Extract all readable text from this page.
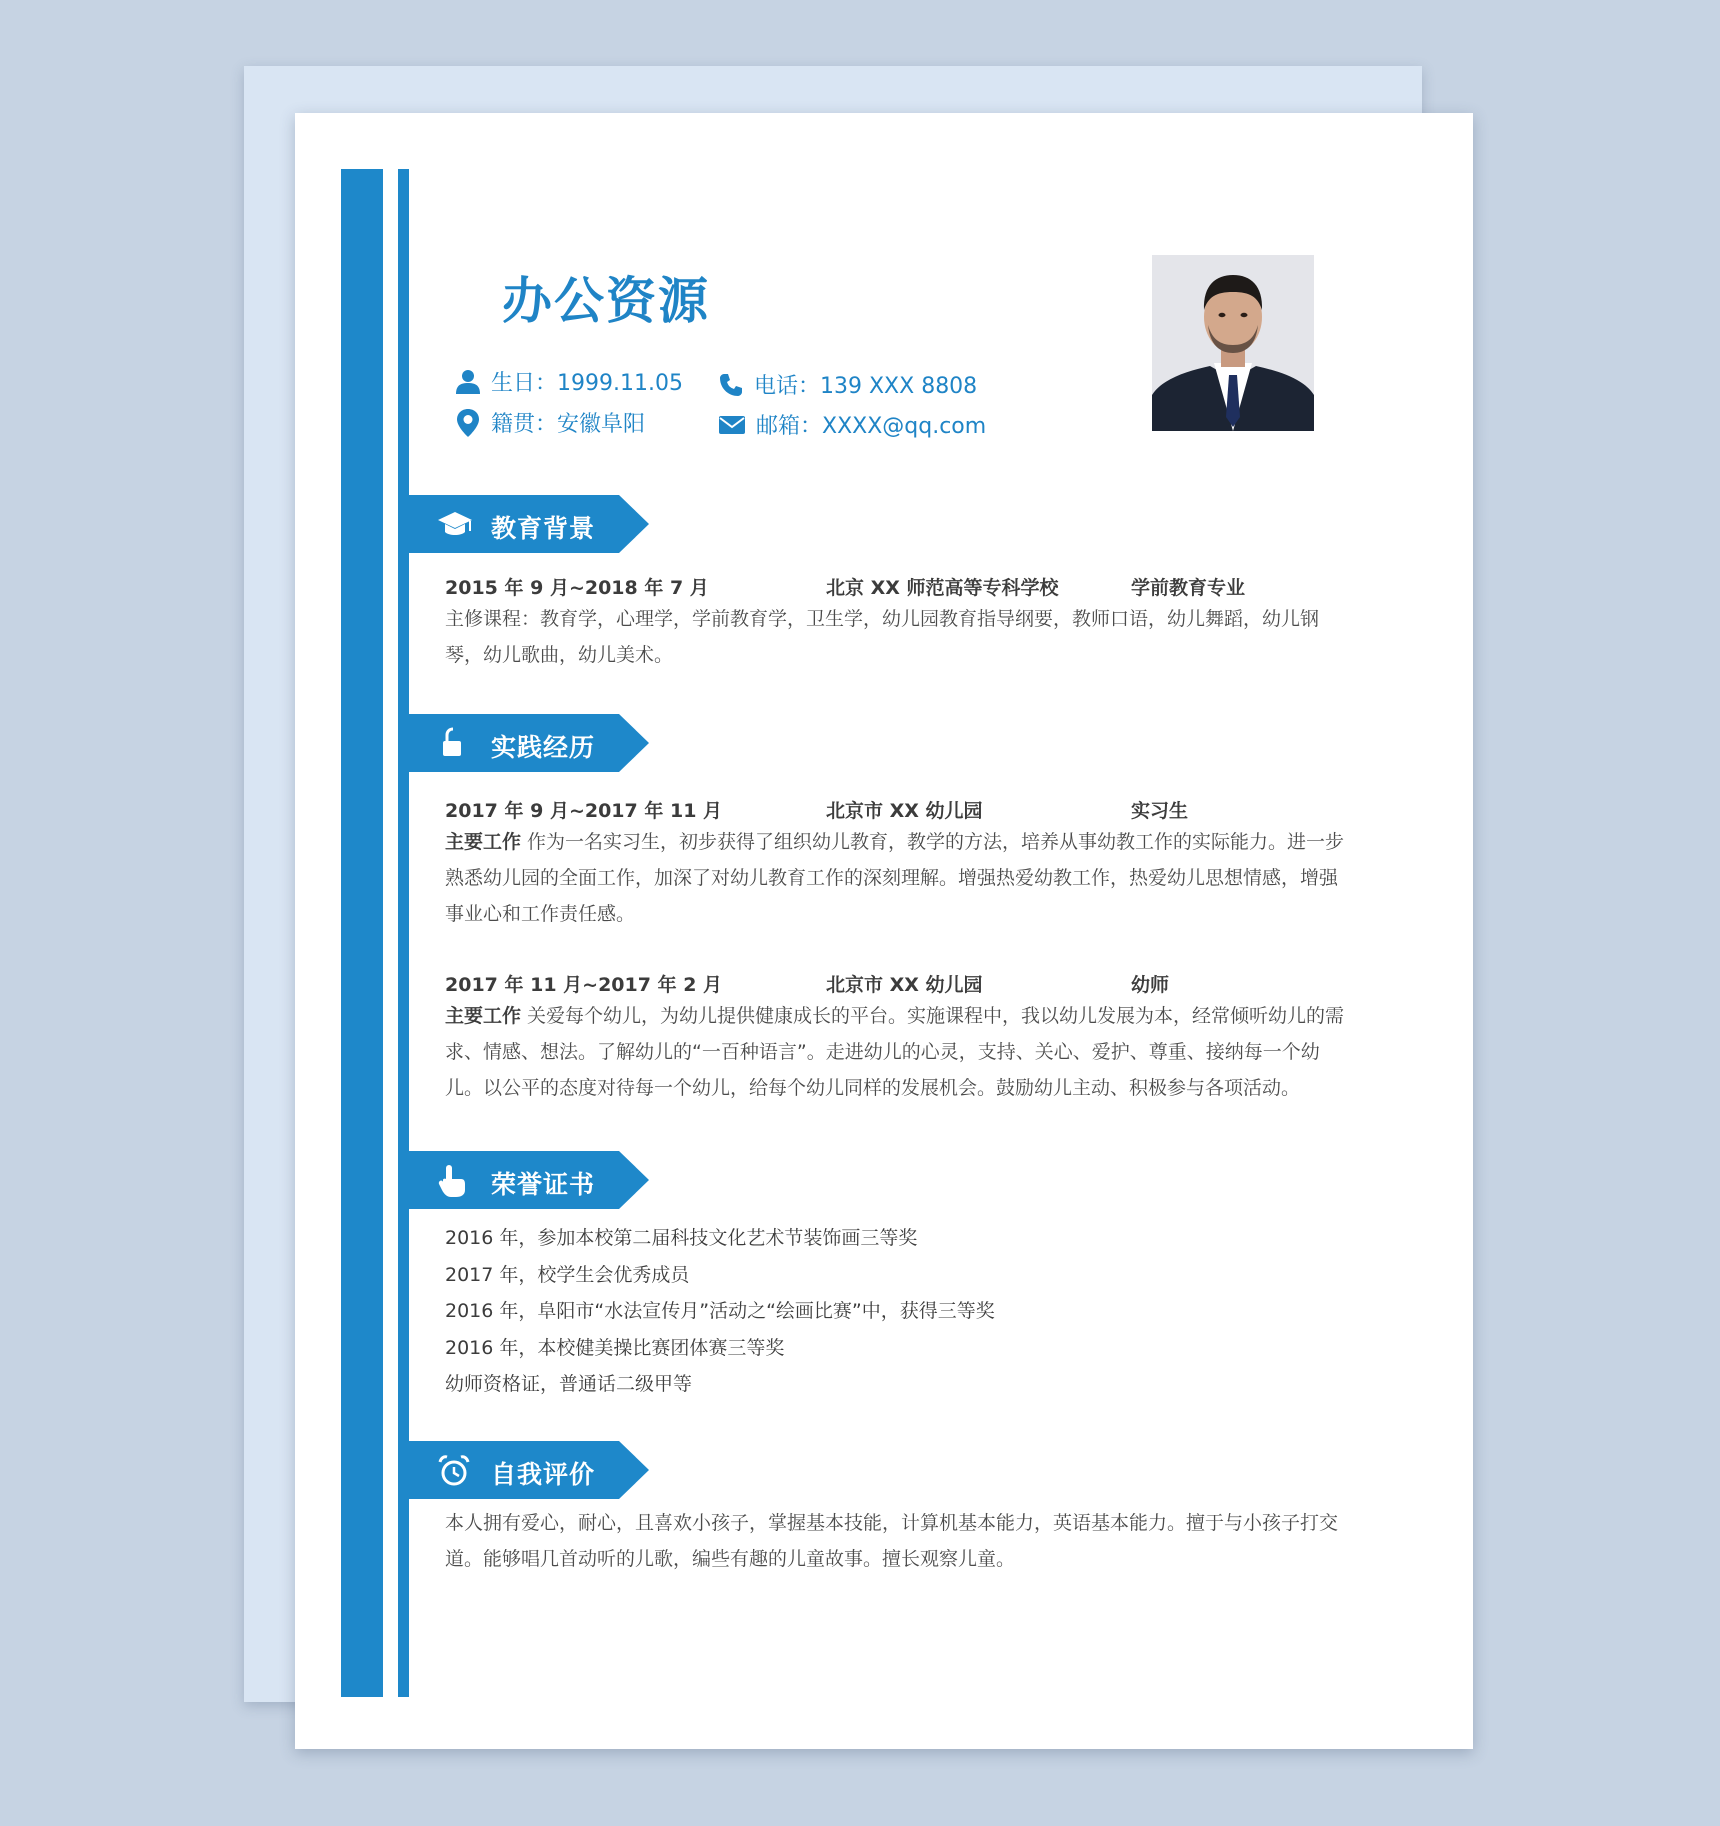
办公资源
生日：1999.11.05	电话：139 XXX 8808
籍贯：安徽阜阳	邮箱：XXXX@qq.com
教育背景
2015 年 9 月~2018 年 7 月	北京 XX 师范高等专科学校	学前教育专业
主修课程：教育学，心理学，学前教育学，卫生学，幼儿园教育指导纲要，教师口语，幼儿舞蹈，幼儿钢琴，幼儿歌曲，幼儿美术。
实践经历
2017 年 9 月~2017 年 11 月	北京市 XX 幼儿园	实习生
主要工作 作为一名实习生，初步获得了组织幼儿教育，教学的方法，培养从事幼教工作的实际能力。进一步熟悉幼儿园的全面工作，加深了对幼儿教育工作的深刻理解。增强热爱幼教工作，热爱幼儿思想情感，增强事业心和工作责任感。
2017 年 11 月~2017 年 2 月	北京市 XX 幼儿园	幼师
主要工作 关爱每个幼儿，为幼儿提供健康成长的平台。实施课程中，我以幼儿发展为本，经常倾听幼儿的需求、情感、想法。了解幼儿的“一百种语言”。走进幼儿的心灵，支持、关心、爱护、尊重、接纳每一个幼儿。以公平的态度对待每一个幼儿，给每个幼儿同样的发展机会。鼓励幼儿主动、积极参与各项活动。
荣誉证书
2016 年，参加本校第二届科技文化艺术节装饰画三等奖
2017 年，校学生会优秀成员
2016 年，阜阳市“水法宣传月”活动之“绘画比赛”中，获得三等奖
2016 年，本校健美操比赛团体赛三等奖
幼师资格证，普通话二级甲等
自我评价
本人拥有爱心，耐心，且喜欢小孩子，掌握基本技能，计算机基本能力，英语基本能力。擅于与小孩子打交道。能够唱几首动听的儿歌，编些有趣的儿童故事。擅长观察儿童。
